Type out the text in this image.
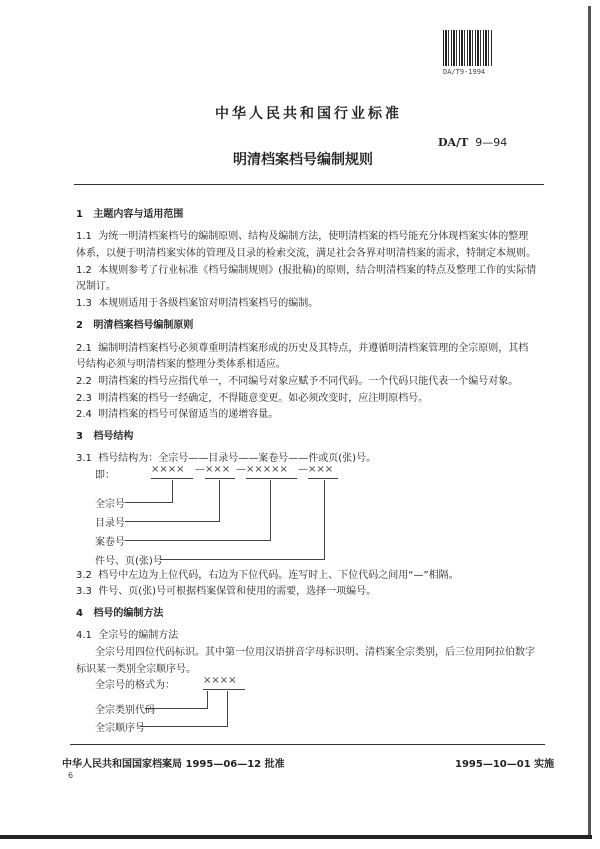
DA/T9-1994
中华人民共和国行业标准
DA/T 9—94
明清档案档号编制规则
1 主题内容与适用范围
1.1 为统一明清档案档号的编制原则、结构及编制方法，使明清档案的档号能充分体现档案实体的整理
体系，以便于明清档案实体的管理及目录的检索交流，满足社会各界对明清档案的需求，特制定本规则。
1.2 本规则参考了行业标准《档号编制规则》(报批稿)的原则，结合明清档案的特点及整理工作的实际情
况制订。
1.3 本规则适用于各级档案馆对明清档案档号的编制。
2 明清档案档号编制原则
2.1 编制明清档案档号必须尊重明清档案形成的历史及其特点，并遵循明清档案管理的全宗原则，其档
号结构必须与明清档案的整理分类体系相适应。
2.2 明清档案的档号应指代单一，不同编号对象应赋予不同代码。一个代码只能代表一个编号对象。
2.3 明清档案的档号一经确定，不得随意变更。如必须改变时，应注明原档号。
2.4 明清档案的档号可保留适当的递增容量。
3 档号结构
3.1 档号结构为：全宗号——目录号——案卷号——件或页(张)号。
即：
×××× — ××× — ××××× — ×××
全宗号
目录号
案卷号
件号、页(张)号
3.2 档号中左边为上位代码，右边为下位代码。连写时上、下位代码之间用“—”相隔。
3.3 件号、页(张)号可根据档案保管和使用的需要，选择一项编号。
4 档号的编制方法
4.1 全宗号的编制方法
全宗号用四位代码标识。其中第一位用汉语拼音字母标识明、清档案全宗类别，后三位用阿拉伯数字
标识某一类别全宗顺序号。
全宗号的格式为：	××××
全宗类别代码
全宗顺序号
中华人民共和国国家档案局 1995—06—12 批准	1995—10—01 实施
6
